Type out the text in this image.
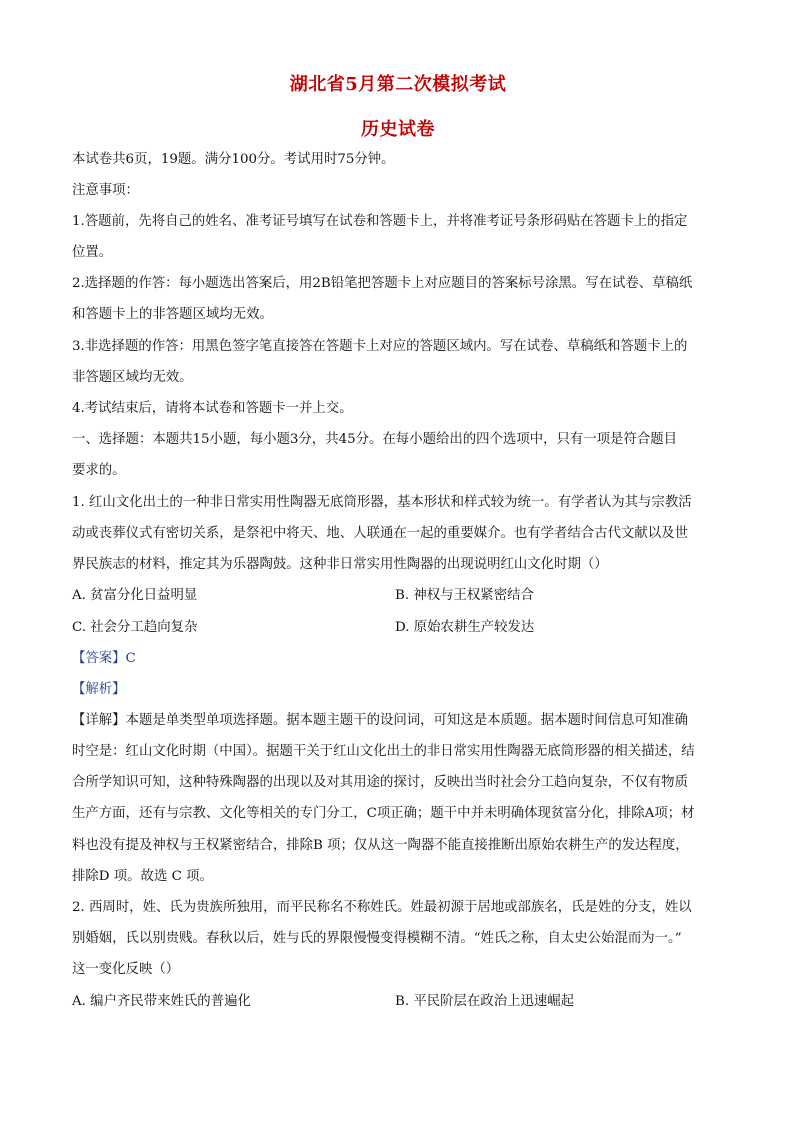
湖北省5月第二次模拟考试
历史试卷
本试卷共6页，19题。满分100分。考试用时75分钟。
注意事项：
1.答题前，先将自己的姓名、准考证号填写在试卷和答题卡上，并将准考证号条形码贴在答题卡上的指定
位置。
2.选择题的作答：每小题选出答案后，用2B铅笔把答题卡上对应题目的答案标号涂黑。写在试卷、草稿纸
和答题卡上的非答题区域均无效。
3.非选择题的作答：用黑色签字笔直接答在答题卡上对应的答题区域内。写在试卷、草稿纸和答题卡上的
非答题区域均无效。
4.考试结束后，请将本试卷和答题卡一并上交。
一、选择题：本题共15小题，每小题3分，共45分。在每小题给出的四个选项中，只有一项是符合题目
要求的。
1. 红山文化出土的一种非日常实用性陶器无底筒形器，基本形状和样式较为统一。有学者认为其与宗教活
动或丧葬仪式有密切关系，是祭祀中将天、地、人联通在一起的重要媒介。也有学者结合古代文献以及世
界民族志的材料，推定其为乐器陶鼓。这种非日常实用性陶器的出现说明红山文化时期（）
A. 贫富分化日益明显	B. 神权与王权紧密结合
C. 社会分工趋向复杂	D. 原始农耕生产较发达
【答案】C
【解析】
【详解】本题是单类型单项选择题。据本题主题干的设问词，可知这是本质题。据本题时间信息可知准确
时空是：红山文化时期（中国）。据题干关于红山文化出土的非日常实用性陶器无底筒形器的相关描述，结
合所学知识可知，这种特殊陶器的出现以及对其用途的探讨，反映出当时社会分工趋向复杂，不仅有物质
生产方面，还有与宗教、文化等相关的专门分工，C项正确；题干中并未明确体现贫富分化，排除A项；材
料也没有提及神权与王权紧密结合，排除B 项；仅从这一陶器不能直接推断出原始农耕生产的发达程度，
排除D 项。故选 C 项。
2. 西周时，姓、氏为贵族所独用，而平民称名不称姓氏。姓最初源于居地或部族名，氏是姓的分支，姓以
别婚姻，氏以别贵贱。春秋以后，姓与氏的界限慢慢变得模糊不清。“姓氏之称，自太史公始混而为一。”
这一变化反映（）
A. 编户齐民带来姓氏的普遍化	B. 平民阶层在政治上迅速崛起
